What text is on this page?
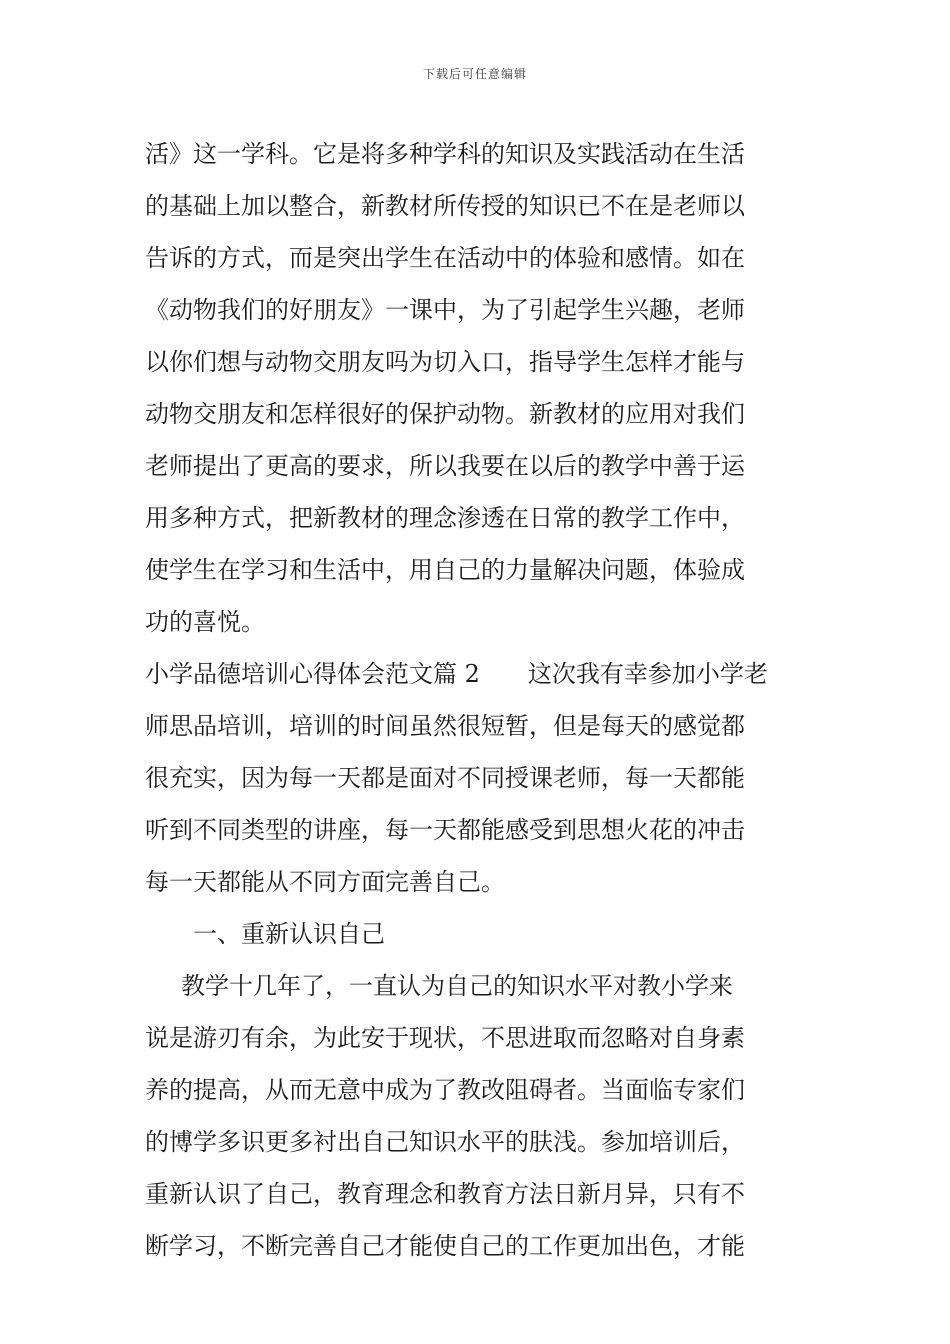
下载后可任意编辑
活》这一学科。它是将多种学科的知识及实践活动在生活
的基础上加以整合，新教材所传授的知识已不在是老师以
告诉的方式，而是突出学生在活动中的体验和感情。如在
《动物我们的好朋友》一课中，为了引起学生兴趣，老师
以你们想与动物交朋友吗为切入口，指导学生怎样才能与
动物交朋友和怎样很好的保护动物。新教材的应用对我们
老师提出了更高的要求，所以我要在以后的教学中善于运
用多种方式，把新教材的理念渗透在日常的教学工作中，
使学生在学习和生活中，用自己的力量解决问题，体验成
功的喜悦。
小学品德培训心得体会范文篇 2　　这次我有幸参加小学老
师思品培训，培训的时间虽然很短暂，但是每天的感觉都
很充实，因为每一天都是面对不同授课老师，每一天都能
听到不同类型的讲座，每一天都能感受到思想火花的冲击
每一天都能从不同方面完善自己。
一、重新认识自己
教学十几年了，一直认为自己的知识水平对教小学来
说是游刃有余，为此安于现状，不思进取而忽略对自身素
养的提高，从而无意中成为了教改阻碍者。当面临专家们
的博学多识更多衬出自己知识水平的肤浅。参加培训后，
重新认识了自己，教育理念和教育方法日新月异，只有不
断学习，不断完善自己才能使自己的工作更加出色，才能
